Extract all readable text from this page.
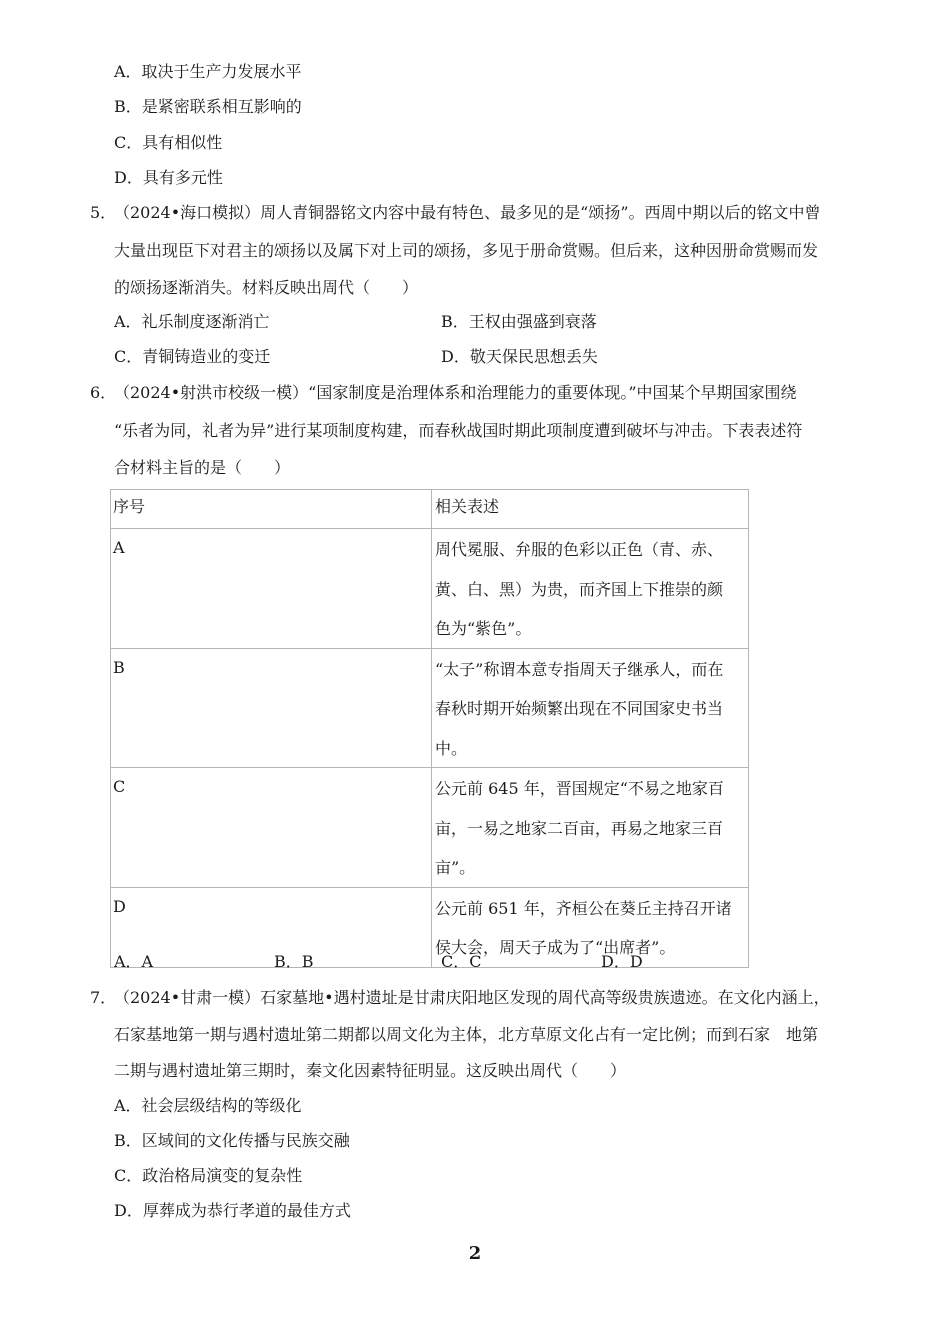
A．取决于生产力发展水平
B．是紧密联系相互影响的
C．具有相似性
D．具有多元性
5．
（2024•海口模拟）周人青铜器铭文内容中最有特色、最多见的是“颂扬”。西周中期以后的铭文中曾
大量出现臣下对君主的颂扬以及属下对上司的颂扬，多见于册命赏赐。但后来，这种因册命赏赐而发
的颂扬逐渐消失。材料反映出周代（　　）
A．礼乐制度逐渐消亡	B．王权由强盛到衰落
C．青铜铸造业的变迁	D．敬天保民思想丢失
6．
（2024•射洪市校级一模）“国家制度是治理体系和治理能力的重要体现。”中国某个早期国家围绕
“乐者为同，礼者为异”进行某项制度构建，而春秋战国时期此项制度遭到破坏与冲击。下表表述符
合材料主旨的是（　　）
序号	相关表述
A	周代冕服、弁服的色彩以正色（青、赤、
黄、白、黑）为贵，而齐国上下推崇的颜
色为“紫色”。

B	“太子”称谓本意专指周天子继承人，而在
春秋时期开始频繁出现在不同国家史书当
中。

C	公元前 645 年，晋国规定“不易之地家百
亩，一易之地家二百亩，再易之地家三百
亩”。

D	公元前 651 年，齐桓公在葵丘主持召开诸
侯大会，周天子成为了“出席者”。
A．A	B．B	C．C	D．D
7．
（2024•甘肃一模）石家墓地•遇村遗址是甘肃庆阳地区发现的周代高等级贵族遗迹。在文化内涵上，
石家基地第一期与遇村遗址第二期都以周文化为主体，北方草原文化占有一定比例；而到石家　地第
二期与遇村遗址第三期时，秦文化因素特征明显。这反映出周代（　　）
A．社会层级结构的等级化
B．区域间的文化传播与民族交融
C．政治格局演变的复杂性
D．厚葬成为恭行孝道的最佳方式
2
